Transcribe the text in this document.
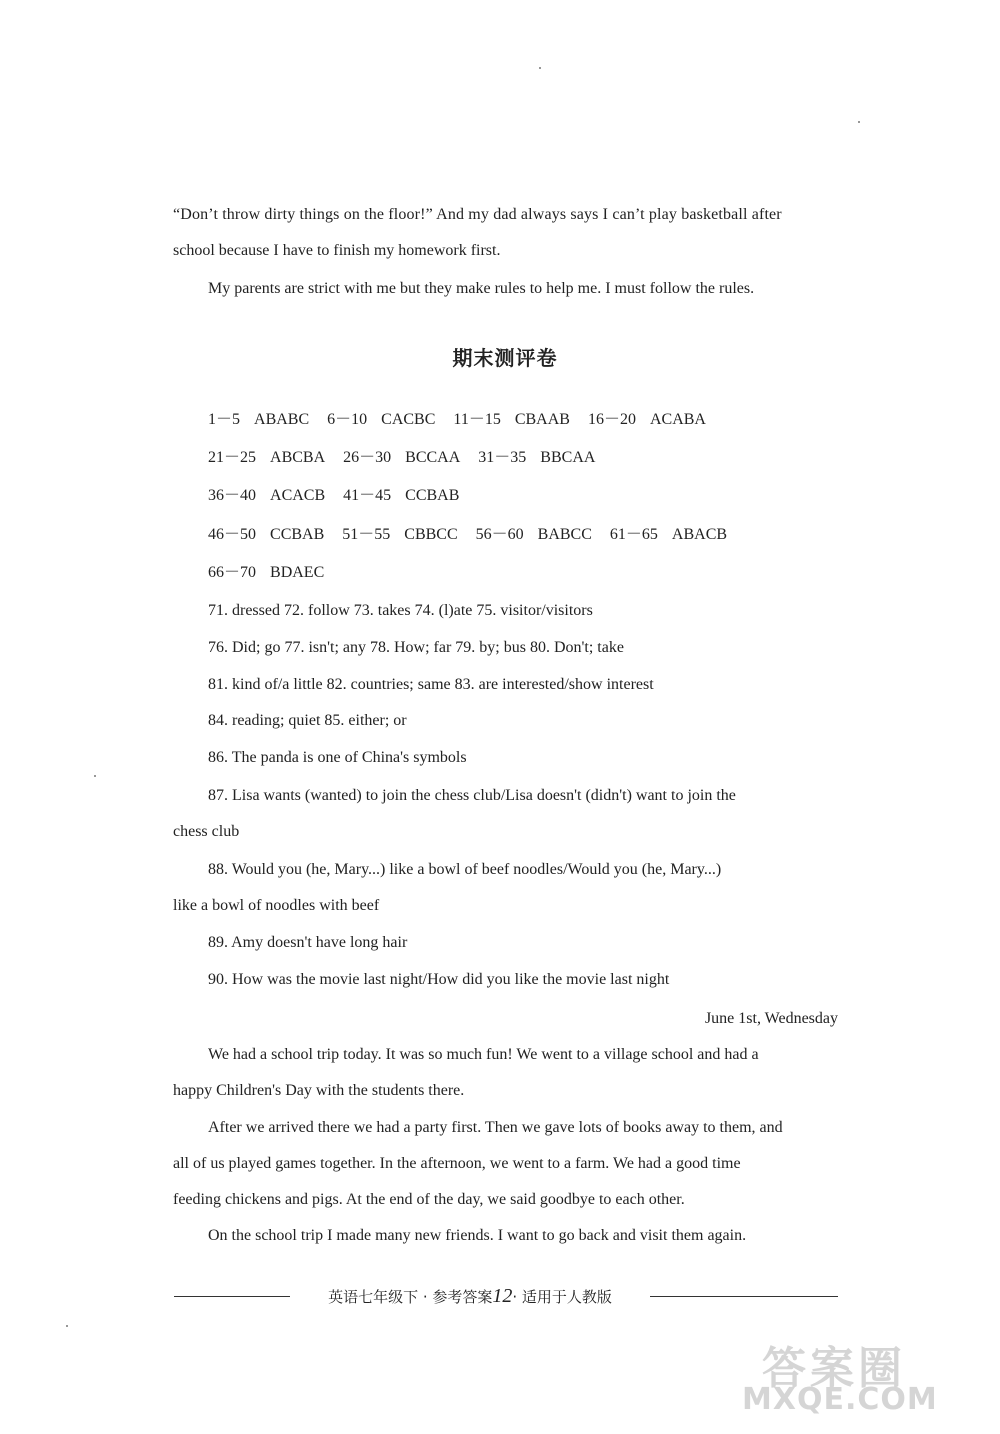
“Don’t throw dirty things on the floor!” And my dad always says I can’t play basketball after
school because I have to finish my homework first.
My parents are strict with me but they make rules to help me. I must follow the rules.
期末测评卷
1－5 ABABC 6－10 CACBC 11－15 CBAAB 16－20 ACABA
21－25 ABCBA 26－30 BCCAA 31－35 BBCAA
36－40 ACACB 41－45 CCBAB
46－50 CCBAB 51－55 CBBCC 56－60 BABCC 61－65 ABACB
66－70 BDAEC
71. dressed 72. follow 73. takes 74. (l)ate 75. visitor/visitors
76. Did; go 77. isn't; any 78. How; far 79. by; bus 80. Don't; take
81. kind of/a little 82. countries; same 83. are interested/show interest
84. reading; quiet 85. either; or
86. The panda is one of China's symbols
87. Lisa wants (wanted) to join the chess club/Lisa doesn't (didn't) want to join the
chess club
88. Would you (he, Mary...) like a bowl of beef noodles/Would you (he, Mary...)
like a bowl of noodles with beef
89. Amy doesn't have long hair
90. How was the movie last night/How did you like the movie last night
June 1st, Wednesday
We had a school trip today. It was so much fun! We went to a village school and had a
happy Children's Day with the students there.
After we arrived there we had a party first. Then we gave lots of books away to them, and
all of us played games together. In the afternoon, we went to a farm. We had a good time
feeding chickens and pigs. At the end of the day, we said goodbye to each other.
On the school trip I made many new friends. I want to go back and visit them again.
英语七年级下 · 参考答案12· 适用于人教版
答案圈
MXQE.COM
